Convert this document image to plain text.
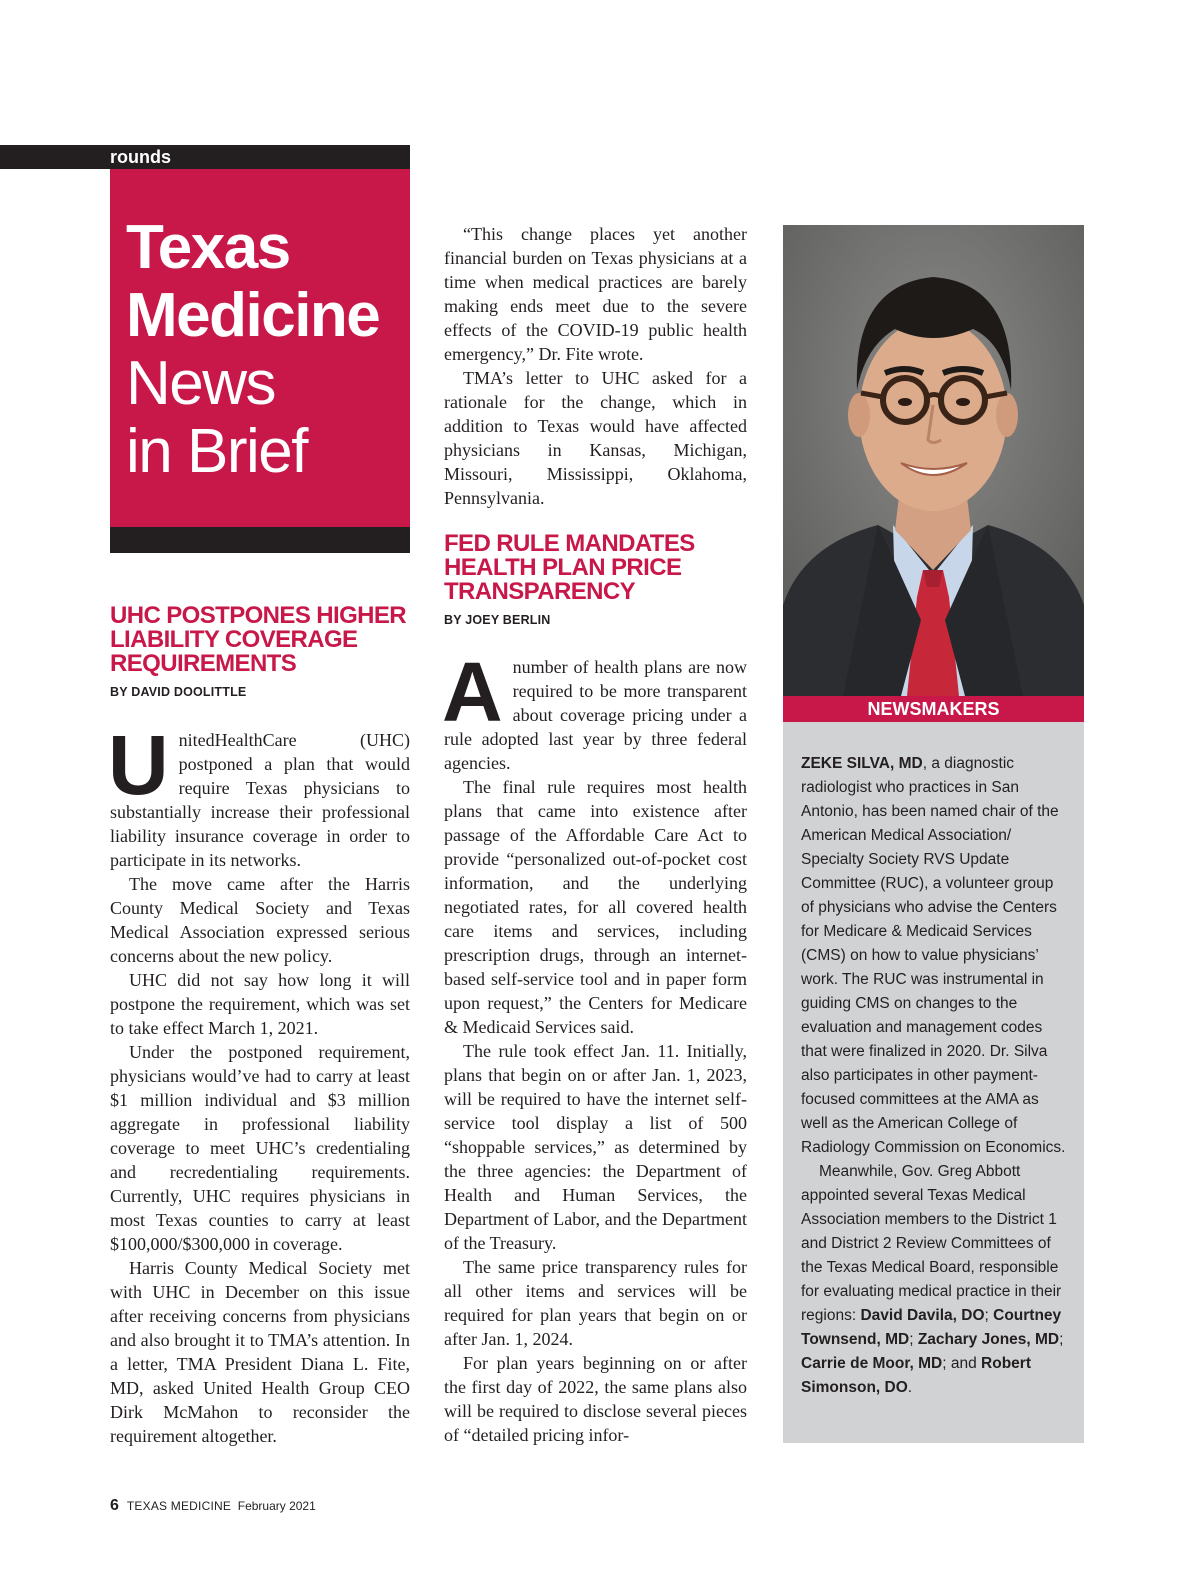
rounds
Texas
Medicine
News
in Brief
UHC POSTPONES HIGHER LIABILITY COVERAGE REQUIREMENTS
BY DAVID DOOLITTLE

UnitedHealthCare (UHC) postponed a plan that would require Texas physicians to substantially increase their professional liability insurance coverage in order to participate in its networks.

The move came after the Harris County Medical Society and Texas Medical Association expressed serious concerns about the new policy.

UHC did not say how long it will postpone the requirement, which was set to take effect March 1, 2021.

Under the postponed requirement, physicians would’ve had to carry at least $1 million individual and $3 million aggregate in professional liability coverage to meet UHC’s credentialing and recredentialing requirements. Currently, UHC requires physicians in most Texas counties to carry at least $100,000/$300,000 in coverage.

Harris County Medical Society met with UHC in December on this issue after receiving concerns from physicians and also brought it to TMA’s attention. In a letter, TMA President Diana L. Fite, MD, asked United Health Group CEO Dirk McMahon to reconsider the requirement altogether.

“This change places yet another financial burden on Texas physicians at a time when medical practices are barely making ends meet due to the severe effects of the COVID-19 public health emergency,” Dr. Fite wrote.

TMA’s letter to UHC asked for a rationale for the change, which in addition to Texas would have affected physicians in Kansas, Michigan, Missouri, Mississippi, Oklahoma, Pennsylvania.

FED RULE MANDATES HEALTH PLAN PRICE TRANSPARENCY
BY JOEY BERLIN

Anumber of health plans are now required to be more transparent about coverage pricing under a rule adopted last year by three federal agencies.

The final rule requires most health plans that came into existence after passage of the Affordable Care Act to provide “personalized out-of-pocket cost information, and the underlying negotiated rates, for all covered health care items and services, including prescription drugs, through an internet-based self-service tool and in paper form upon request,” the Centers for Medicare & Medicaid Services said.

The rule took effect Jan. 11. Initially, plans that begin on or after Jan. 1, 2023, will be required to have the internet self-service tool display a list of 500 “shoppable services,” as determined by the three agencies: the Department of Health and Human Services, the Department of Labor, and the Department of the Treasury.

The same price transparency rules for all other items and services will be required for plan years that begin on or after Jan. 1, 2024.

For plan years beginning on or after the first day of 2022, the same plans also will be required to disclose several pieces of “detailed pricing infor-

NEWSMAKERS

ZEKE SILVA, MD, a diagnostic radiologist who practices in San Antonio, has been named chair of the American Medical Association/ Specialty Society RVS Update Committee (RUC), a volunteer group of physicians who advise the Centers for Medicare & Medicaid Services (CMS) on how to value physicians’ work. The RUC was instrumental in guiding CMS on changes to the evaluation and management codes that were finalized in 2020. Dr. Silva also participates in other payment-focused committees at the AMA as well as the American College of Radiology Commission on Economics.

Meanwhile, Gov. Greg Abbott appointed several Texas Medical Association members to the District 1 and District 2 Review Committees of the Texas Medical Board, responsible for evaluating medical practice in their regions: David Davila, DO; Courtney Townsend, MD; Zachary Jones, MD; Carrie de Moor, MD; and Robert Simonson, DO.

6 TEXAS MEDICINE February 2021
